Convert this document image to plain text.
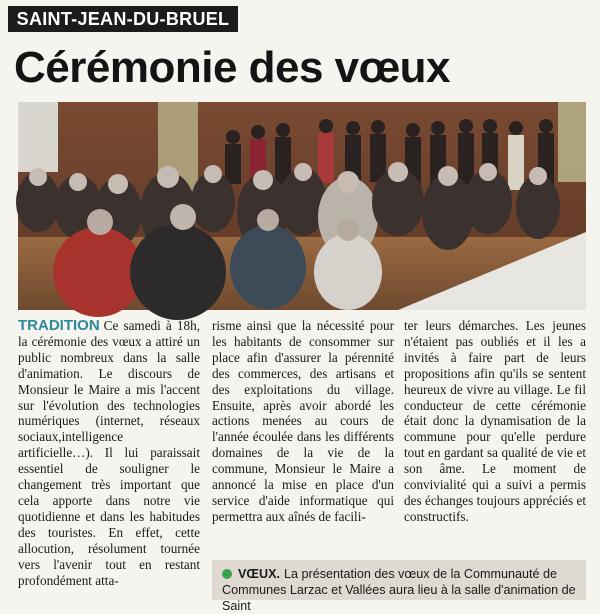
SAINT-JEAN-DU-BRUEL
Cérémonie des vœux

TRADITION Ce samedi à 18h, la cérémonie des vœux a attiré un public nombreux dans la salle d'animation. Le discours de Monsieur le Maire a mis l'accent sur l'évolution des technologies numériques (internet, réseaux sociaux,intelligence artificielle…). Il lui paraissait essentiel de souligner le changement très important que cela apporte dans notre vie quotidienne et dans les habitudes des touristes. En effet, cette allocution, résolument tournée vers l'avenir tout en restant profondément atta-

risme ainsi que la nécessité pour les habitants de consommer sur place afin d'assurer la pérennité des commerces, des artisans et des exploitations du village. Ensuite, après avoir abordé les actions menées au cours de l'année écoulée dans les différents domaines de la vie de la commune, Monsieur le Maire a annoncé la mise en place d'un service d'aide informatique qui permettra aux aînés de facili-

ter leurs démarches. Les jeunes n'étaient pas oubliés et il les a invités à faire part de leurs propositions afin qu'ils se sentent heureux de vivre au village. Le fil conducteur de cette cérémonie était donc la dynamisation de la commune pour qu'elle perdure tout en gardant sa qualité de vie et son âme. Le moment de convivialité qui a suivi a permis des échanges toujours appréciés et constructifs.

VŒUX. La présentation des vœux de la Communauté de Communes Larzac et Vallées aura lieu à la salle d'animation de Saint
